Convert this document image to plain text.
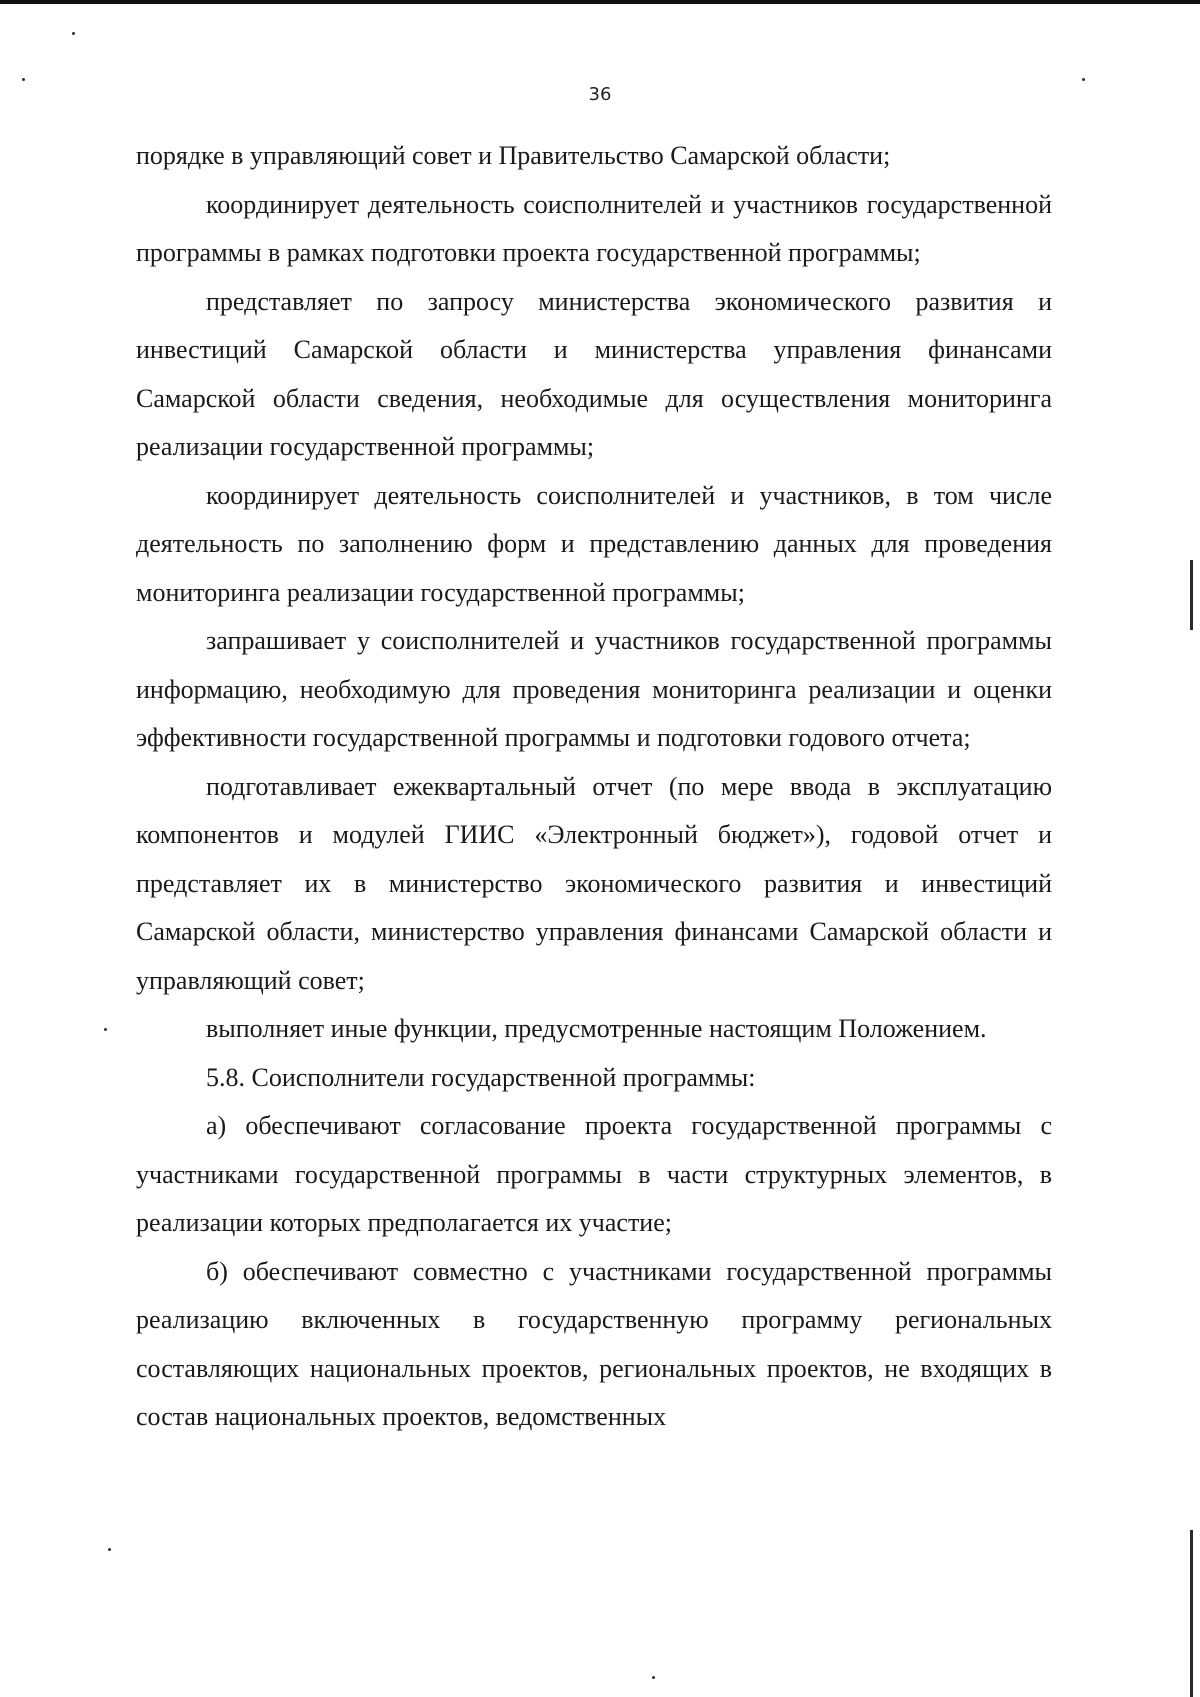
36

порядке в управляющий совет и Правительство Самарской области;

координирует деятельность соисполнителей и участников государственной программы в рамках подготовки проекта государственной программы;

представляет по запросу министерства экономического развития и инвестиций Самарской области и министерства управления финансами Самарской области сведения, необходимые для осуществления мониторинга реализации государственной программы;

координирует деятельность соисполнителей и участников, в том числе деятельность по заполнению форм и представлению данных для проведения мониторинга реализации государственной программы;

запрашивает у соисполнителей и участников государственной программы информацию, необходимую для проведения мониторинга реализации и оценки эффективности государственной программы и подготовки годового отчета;

подготавливает ежеквартальный отчет (по мере ввода в эксплуатацию компонентов и модулей ГИИС «Электронный бюджет»), годовой отчет и представляет их в министерство экономического развития и инвестиций Самарской области, министерство управления финансами Самарской области и управляющий совет;

выполняет иные функции, предусмотренные настоящим Положением.

5.8. Соисполнители государственной программы:

а) обеспечивают согласование проекта государственной программы с участниками государственной программы в части структурных элементов, в реализации которых предполагается их участие;

б) обеспечивают совместно с участниками государственной программы реализацию включенных в государственную программу региональных составляющих национальных проектов, региональных проектов, не входящих в состав национальных проектов, ведомственных
